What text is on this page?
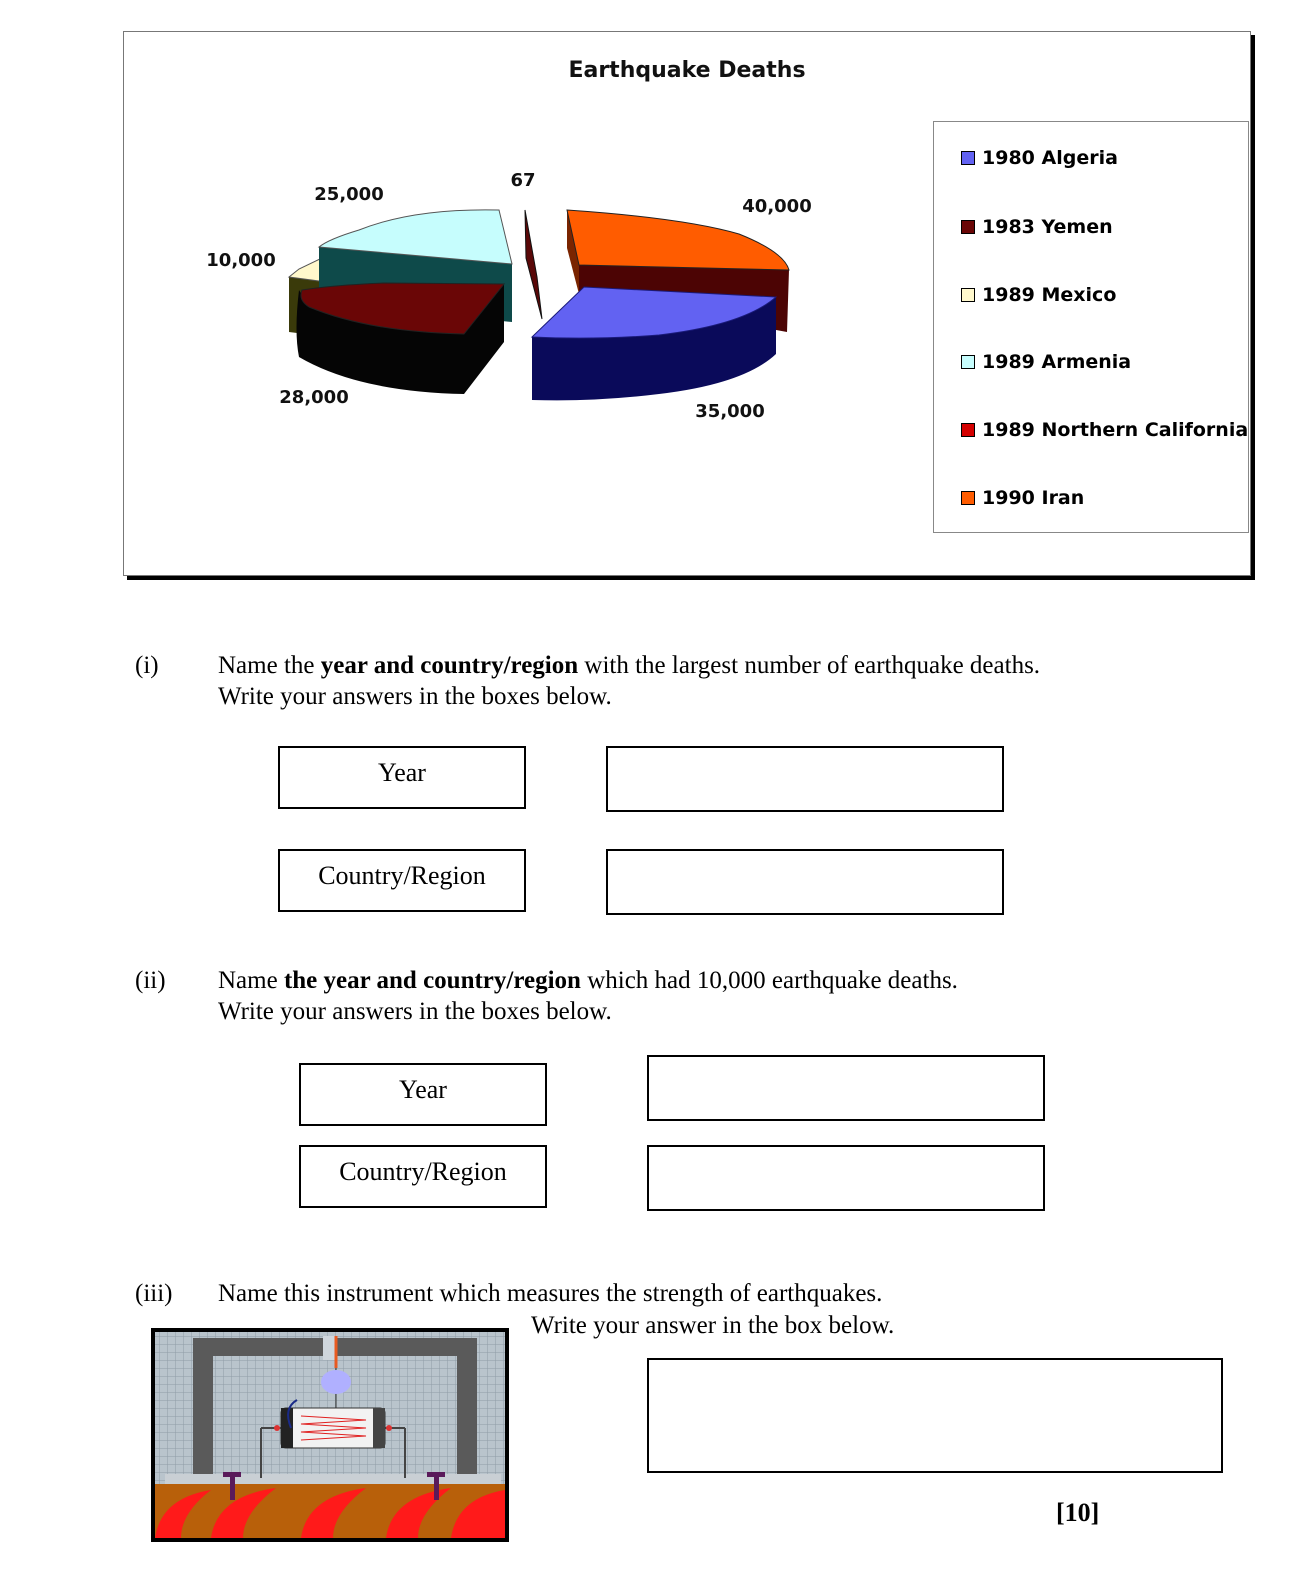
Earthquake Deaths
25,000
67
40,000
10,000
28,000
35,000
1980 Algeria
1983 Yemen
1989 Mexico
1989 Armenia
1989 Northern California
1990 Iran
(i) Name the year and country/region with the largest number of earthquake deaths.
Write your answers in the boxes below.
Year
Country/Region
(ii) Name the year and country/region which had 10,000 earthquake deaths.
Write your answers in the boxes below.
Year
Country/Region
(iii) Name this instrument which measures the strength of earthquakes.
Write your answer in the box below.
[10]
